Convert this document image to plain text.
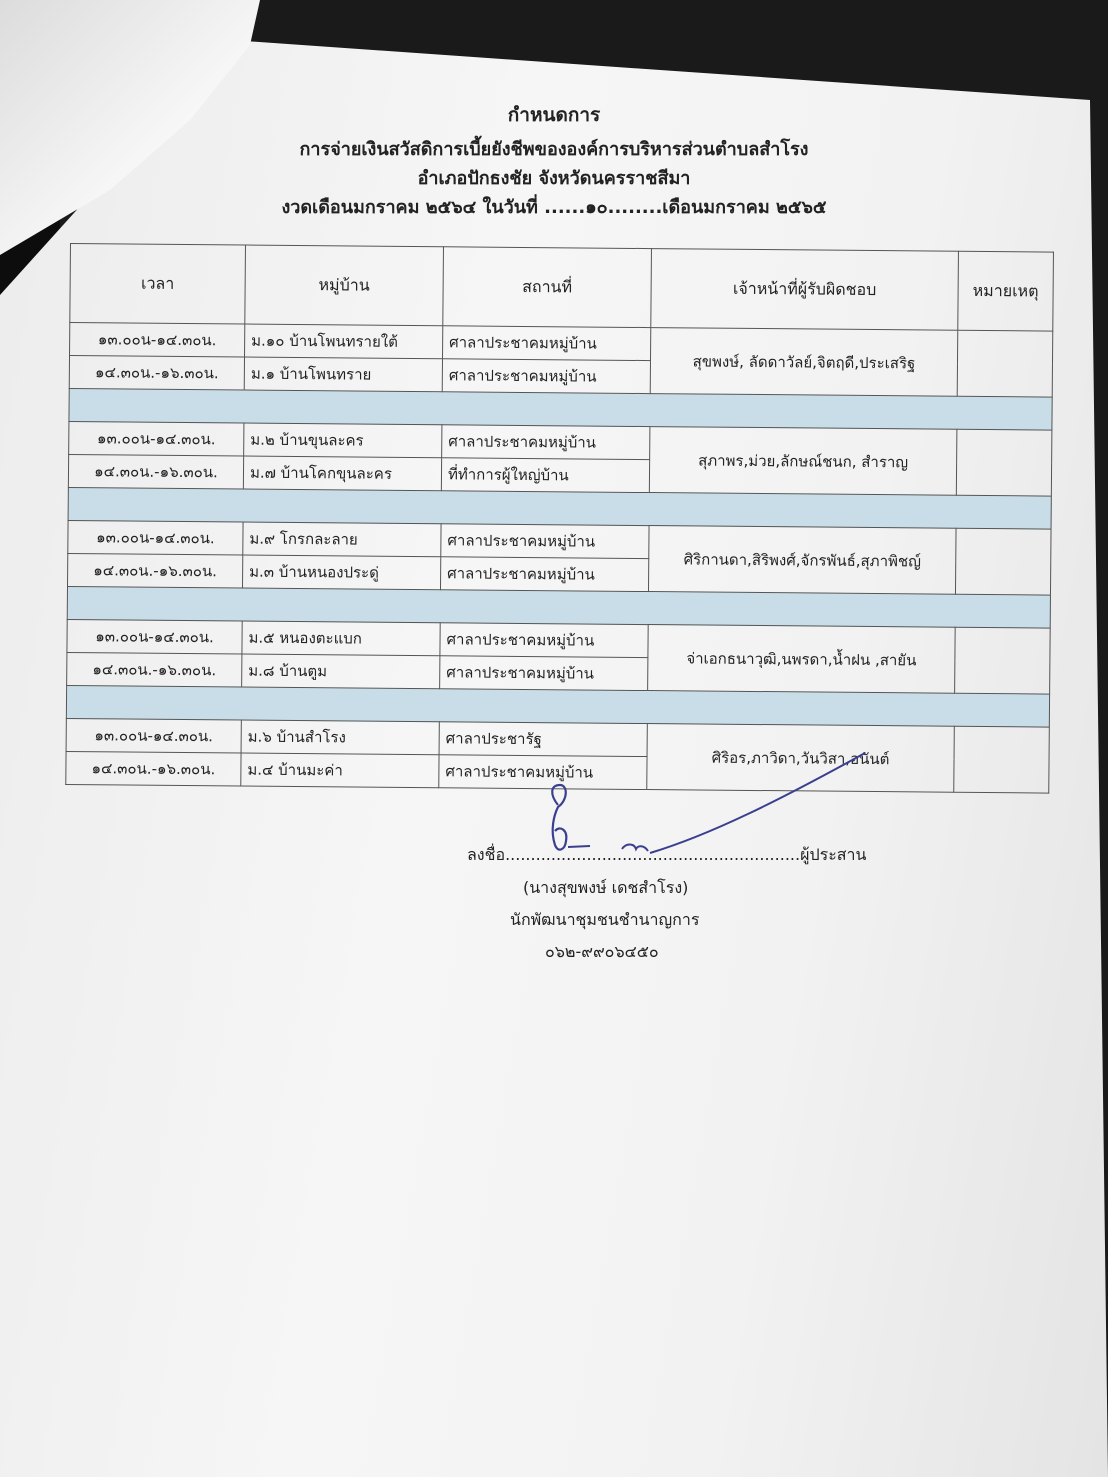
กำหนดการ
การจ่ายเงินสวัสดิการเบี้ยยังชีพขององค์การบริหารส่วนตำบลสำโรง
อำเภอปักธงชัย จังหวัดนครราชสีมา
งวดเดือนมกราคม ๒๕๖๔ ในวันที่ ......๑๐........เดือนมกราคม ๒๕๖๕
เวลา	หมู่บ้าน	สถานที่	เจ้าหน้าที่ผู้รับผิดชอบ	หมายเหตุ
๑๓.๐๐น-๑๔.๓๐น.	ม.๑๐ บ้านโพนทรายใต้	ศาลาประชาคมหมู่บ้าน	สุขพงษ์, ลัดดาวัลย์,จิตฤดี,ประเสริฐ	
๑๔.๓๐น.-๑๖.๓๐น.	ม.๑ บ้านโพนทราย	ศาลาประชาคมหมู่บ้าน		

๑๓.๐๐น-๑๔.๓๐น.	ม.๒ บ้านขุนละคร	ศาลาประชาคมหมู่บ้าน	สุภาพร,ม่วย,ลักษณ์ชนก, สำราญ	
๑๔.๓๐น.-๑๖.๓๐น.	ม.๗ บ้านโคกขุนละคร	ที่ทำการผู้ใหญ่บ้าน		

๑๓.๐๐น-๑๔.๓๐น.	ม.๙ โกรกละลาย	ศาลาประชาคมหมู่บ้าน	ศิริกานดา,สิริพงศ์,จักรพันธ์,สุภาพิชญ์	
๑๔.๓๐น.-๑๖.๓๐น.	ม.๓ บ้านหนองประดู่	ศาลาประชาคมหมู่บ้าน		

๑๓.๐๐น-๑๔.๓๐น.	ม.๕ หนองตะแบก	ศาลาประชาคมหมู่บ้าน	จ่าเอกธนาวุฒิ,นพรดา,น้ำฝน ,สายัน	
๑๔.๓๐น.-๑๖.๓๐น.	ม.๘ บ้านตูม	ศาลาประชาคมหมู่บ้าน		

๑๓.๐๐น-๑๔.๓๐น.	ม.๖ บ้านสำโรง	ศาลาประชารัฐ	ศิริอร,ภาวิดา,วันวิสา,อนันต์	
๑๔.๓๐น.-๑๖.๓๐น.	ม.๔ บ้านมะค่า	ศาลาประชาคมหมู่บ้าน		
ลงชื่อ..........................................................ผู้ประสาน
(นางสุขพงษ์ เดชสำโรง)
นักพัฒนาชุมชนชำนาญการ
๐๖๒-๙๙๐๖๔๕๐
